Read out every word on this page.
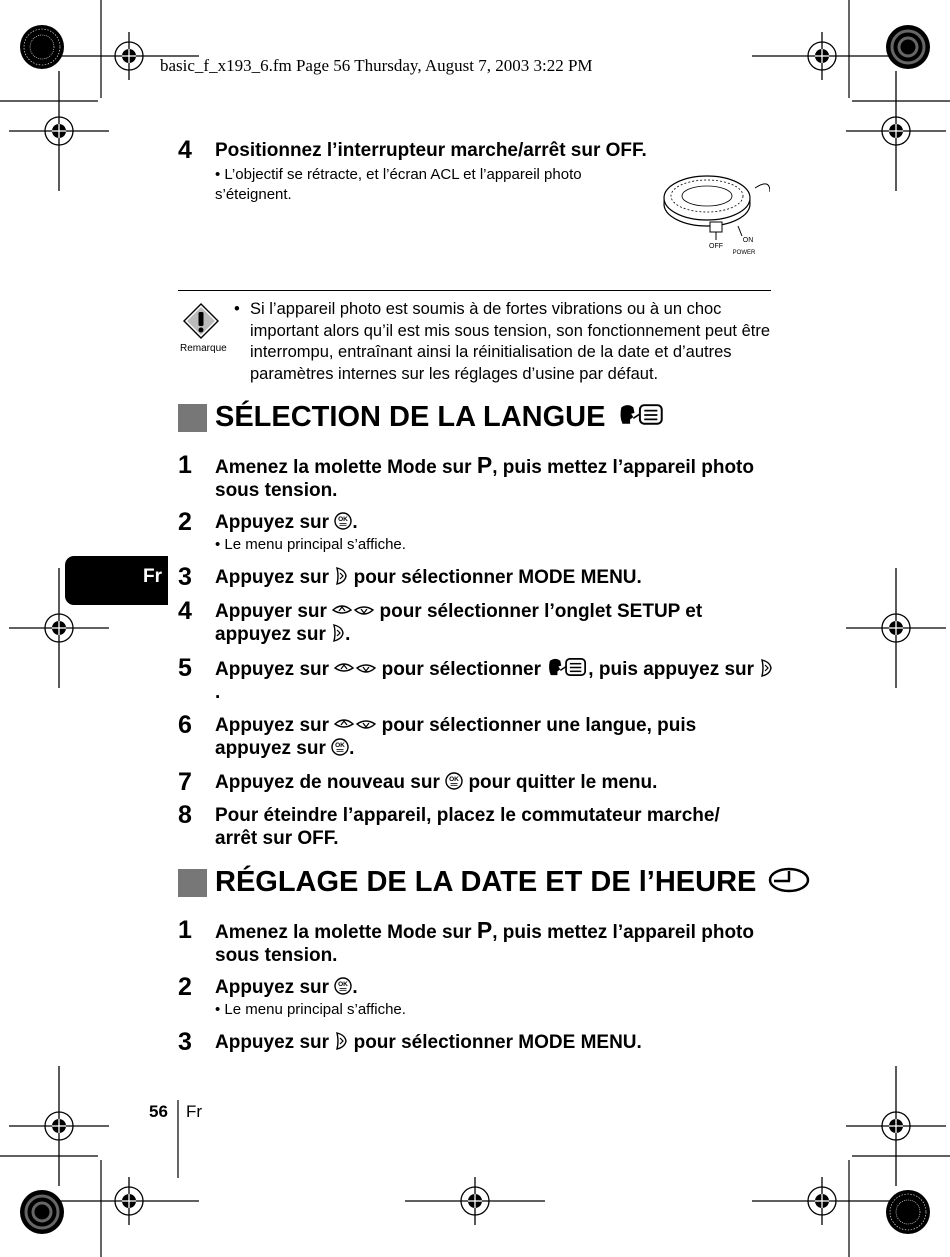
basic_f_x193_6.fm Page 56 Thursday, August 7, 2003 3:22 PM
4 Positionnez l’interrupteur marche/arrêt sur OFF.
• L’objectif se rétracte, et l’écran ACL et l’appareil photo s’éteignent.
OFF
ON
POWER
Remarque
• Si l’appareil photo est soumis à de fortes vibrations ou à un choc important alors qu’il est mis sous tension, son fonctionnement peut être interrompu, entraînant ainsi la réinitialisation de la date et d’autres paramètres internes sur les réglages d’usine par défaut.
SÉLECTION DE LA LANGUE
1 Amenez la molette Mode sur P, puis mettez l’appareil photo sous tension.
2 Appuyez sur .
• Le menu principal s’affiche.
3 Appuyez sur pour sélectionner MODE MENU.
4 Appuyer sur	pour sélectionner l’onglet SETUP et appuyez sur .
5 Appuyez sur	pour sélectionner , puis appuyez sur .
6 Appuyez sur	pour sélectionner une langue, puis appuyez sur .
7 Appuyez de nouveau sur pour quitter le menu.
8 Pour éteindre l’appareil, placez le commutateur marche/ arrêt sur OFF.
Fr
RÉGLAGE DE LA DATE ET DE l’HEURE
1 Amenez la molette Mode sur P, puis mettez l’appareil photo sous tension.
2 Appuyez sur .
• Le menu principal s’affiche.
3 Appuyez sur pour sélectionner MODE MENU.
56 Fr
